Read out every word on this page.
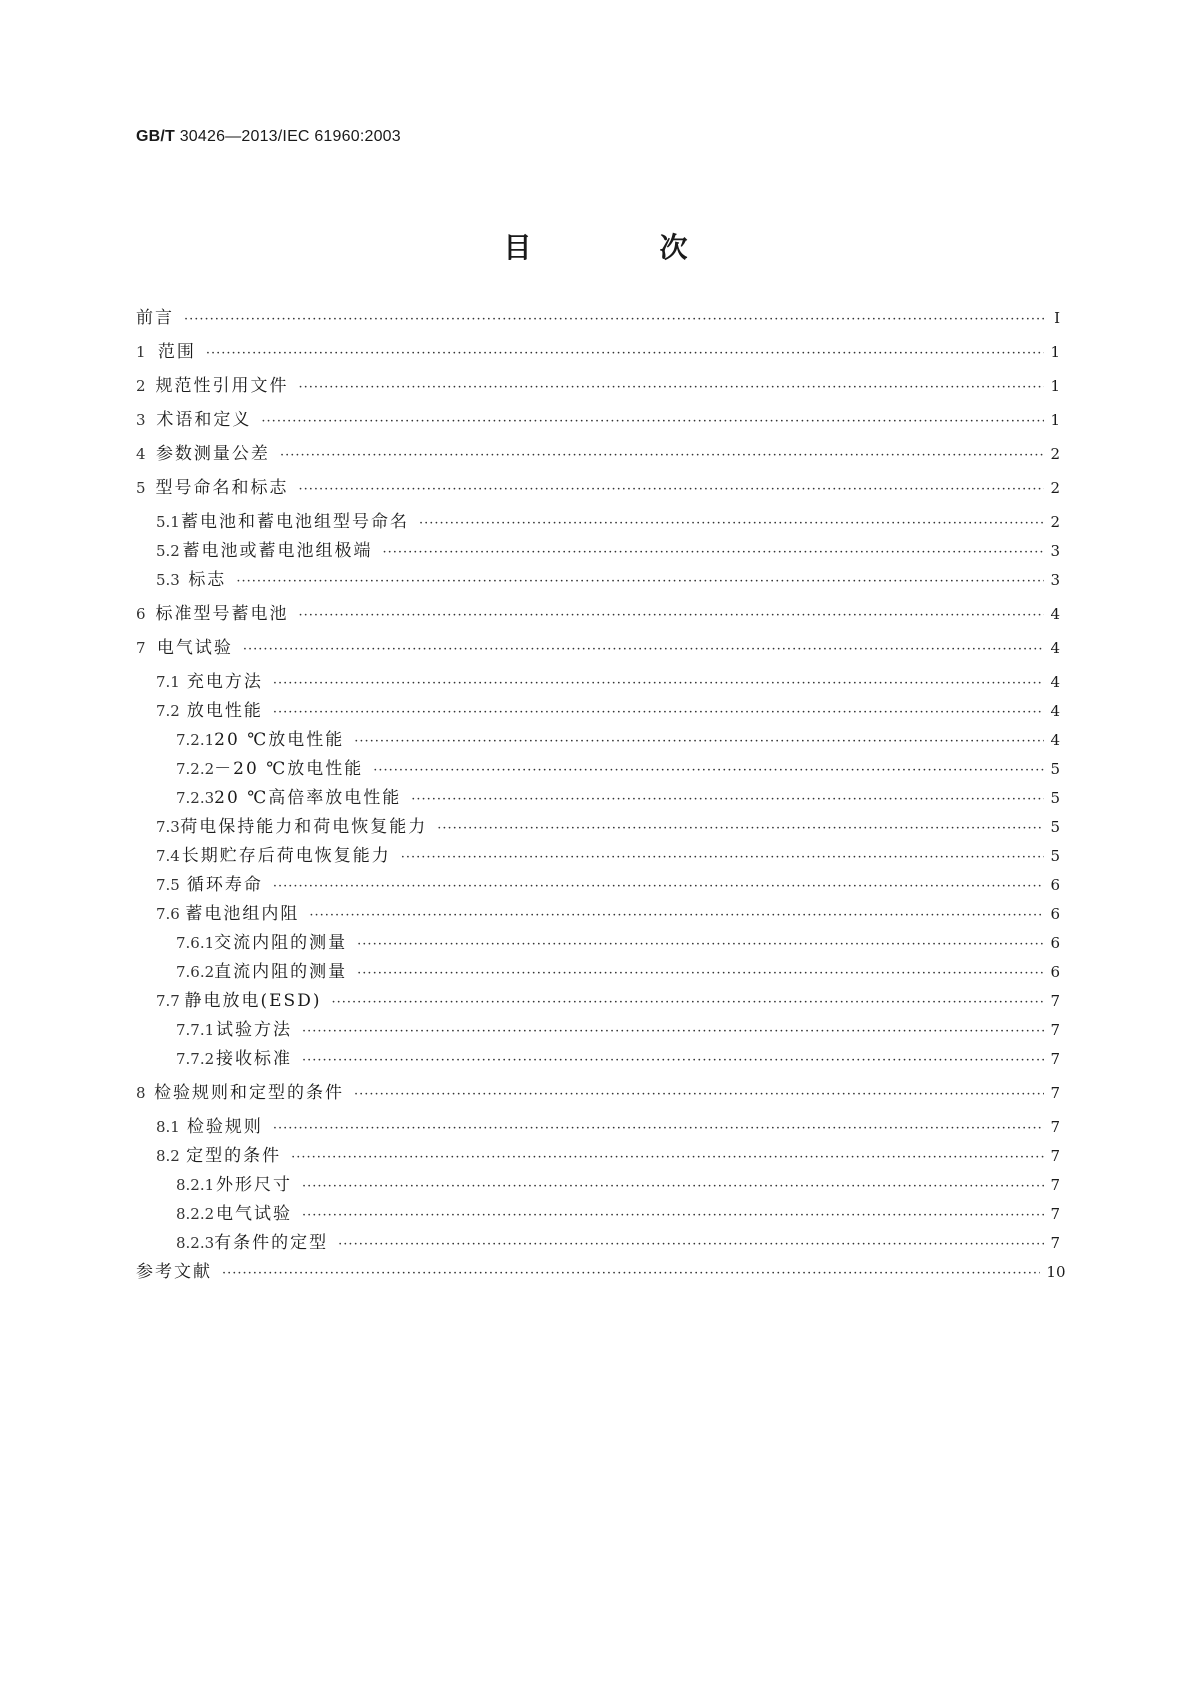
GB/T 30426—2013/IEC 61960:2003
目　次
前言 ·····	Ⅰ
1 范围 ·····	1
2 规范性引用文件 ·····	1
3 术语和定义 ·····	1
4 参数测量公差 ·····	2
5 型号命名和标志 ·····	2
5.1 蓄电池和蓄电池组型号命名 ·····	2
5.2 蓄电池或蓄电池组极端 ·····	3
5.3 标志 ·····	3
6 标准型号蓄电池 ·····	4
7 电气试验 ·····	4
7.1 充电方法 ·····	4
7.2 放电性能 ·····	4
7.2.1 20 ℃放电性能 ·····	4
7.2.2 －20 ℃放电性能 ·····	5
7.2.3 20 ℃高倍率放电性能 ·····	5
7.3 荷电保持能力和荷电恢复能力 ·····	5
7.4 长期贮存后荷电恢复能力 ·····	5
7.5 循环寿命 ·····	6
7.6 蓄电池组内阻 ·····	6
7.6.1 交流内阻的测量 ·····	6
7.6.2 直流内阻的测量 ·····	6
7.7 静电放电(ESD) ·····	7
7.7.1 试验方法 ·····	7
7.7.2 接收标准 ·····	7
8 检验规则和定型的条件 ·····	7
8.1 检验规则 ·····	7
8.2 定型的条件 ·····	7
8.2.1 外形尺寸 ·····	7
8.2.2 电气试验 ·····	7
8.2.3 有条件的定型 ·····	7
参考文献 ·····	10
